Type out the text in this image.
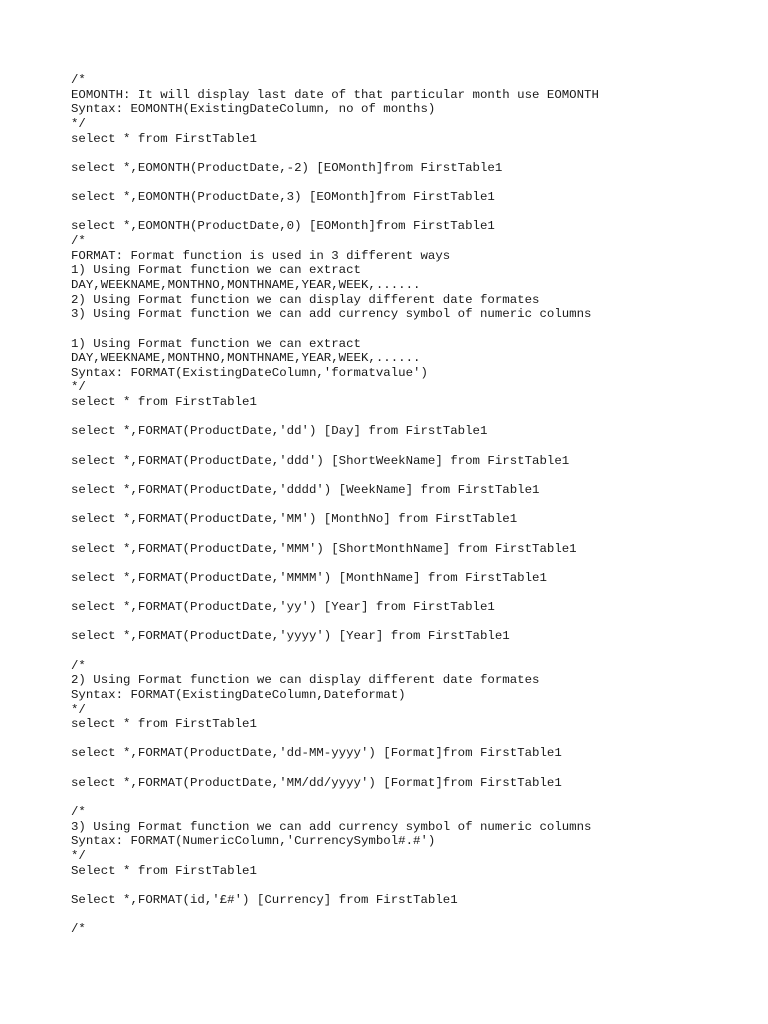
/*
EOMONTH: It will display last date of that particular month use EOMONTH
Syntax: EOMONTH(ExistingDateColumn, no of months)
*/
select * from FirstTable1
select *,EOMONTH(ProductDate,-2) [EOMonth]from FirstTable1
select *,EOMONTH(ProductDate,3) [EOMonth]from FirstTable1
select *,EOMONTH(ProductDate,0) [EOMonth]from FirstTable1
/*
FORMAT: Format function is used in 3 different ways
1) Using Format function we can extract
DAY,WEEKNAME,MONTHNO,MONTHNAME,YEAR,WEEK,......
2) Using Format function we can display different date formates
3) Using Format function we can add currency symbol of numeric columns
1) Using Format function we can extract
DAY,WEEKNAME,MONTHNO,MONTHNAME,YEAR,WEEK,......
Syntax: FORMAT(ExistingDateColumn,'formatvalue')
*/
select * from FirstTable1
select *,FORMAT(ProductDate,'dd') [Day] from FirstTable1
select *,FORMAT(ProductDate,'ddd') [ShortWeekName] from FirstTable1
select *,FORMAT(ProductDate,'dddd') [WeekName] from FirstTable1
select *,FORMAT(ProductDate,'MM') [MonthNo] from FirstTable1
select *,FORMAT(ProductDate,'MMM') [ShortMonthName] from FirstTable1
select *,FORMAT(ProductDate,'MMMM') [MonthName] from FirstTable1
select *,FORMAT(ProductDate,'yy') [Year] from FirstTable1
select *,FORMAT(ProductDate,'yyyy') [Year] from FirstTable1
/*
2) Using Format function we can display different date formates
Syntax: FORMAT(ExistingDateColumn,Dateformat)
*/
select * from FirstTable1
select *,FORMAT(ProductDate,'dd-MM-yyyy') [Format]from FirstTable1
select *,FORMAT(ProductDate,'MM/dd/yyyy') [Format]from FirstTable1
/*
3) Using Format function we can add currency symbol of numeric columns
Syntax: FORMAT(NumericColumn,'CurrencySymbol#.#')
*/
Select * from FirstTable1
Select *,FORMAT(id,'£#') [Currency] from FirstTable1
/*
